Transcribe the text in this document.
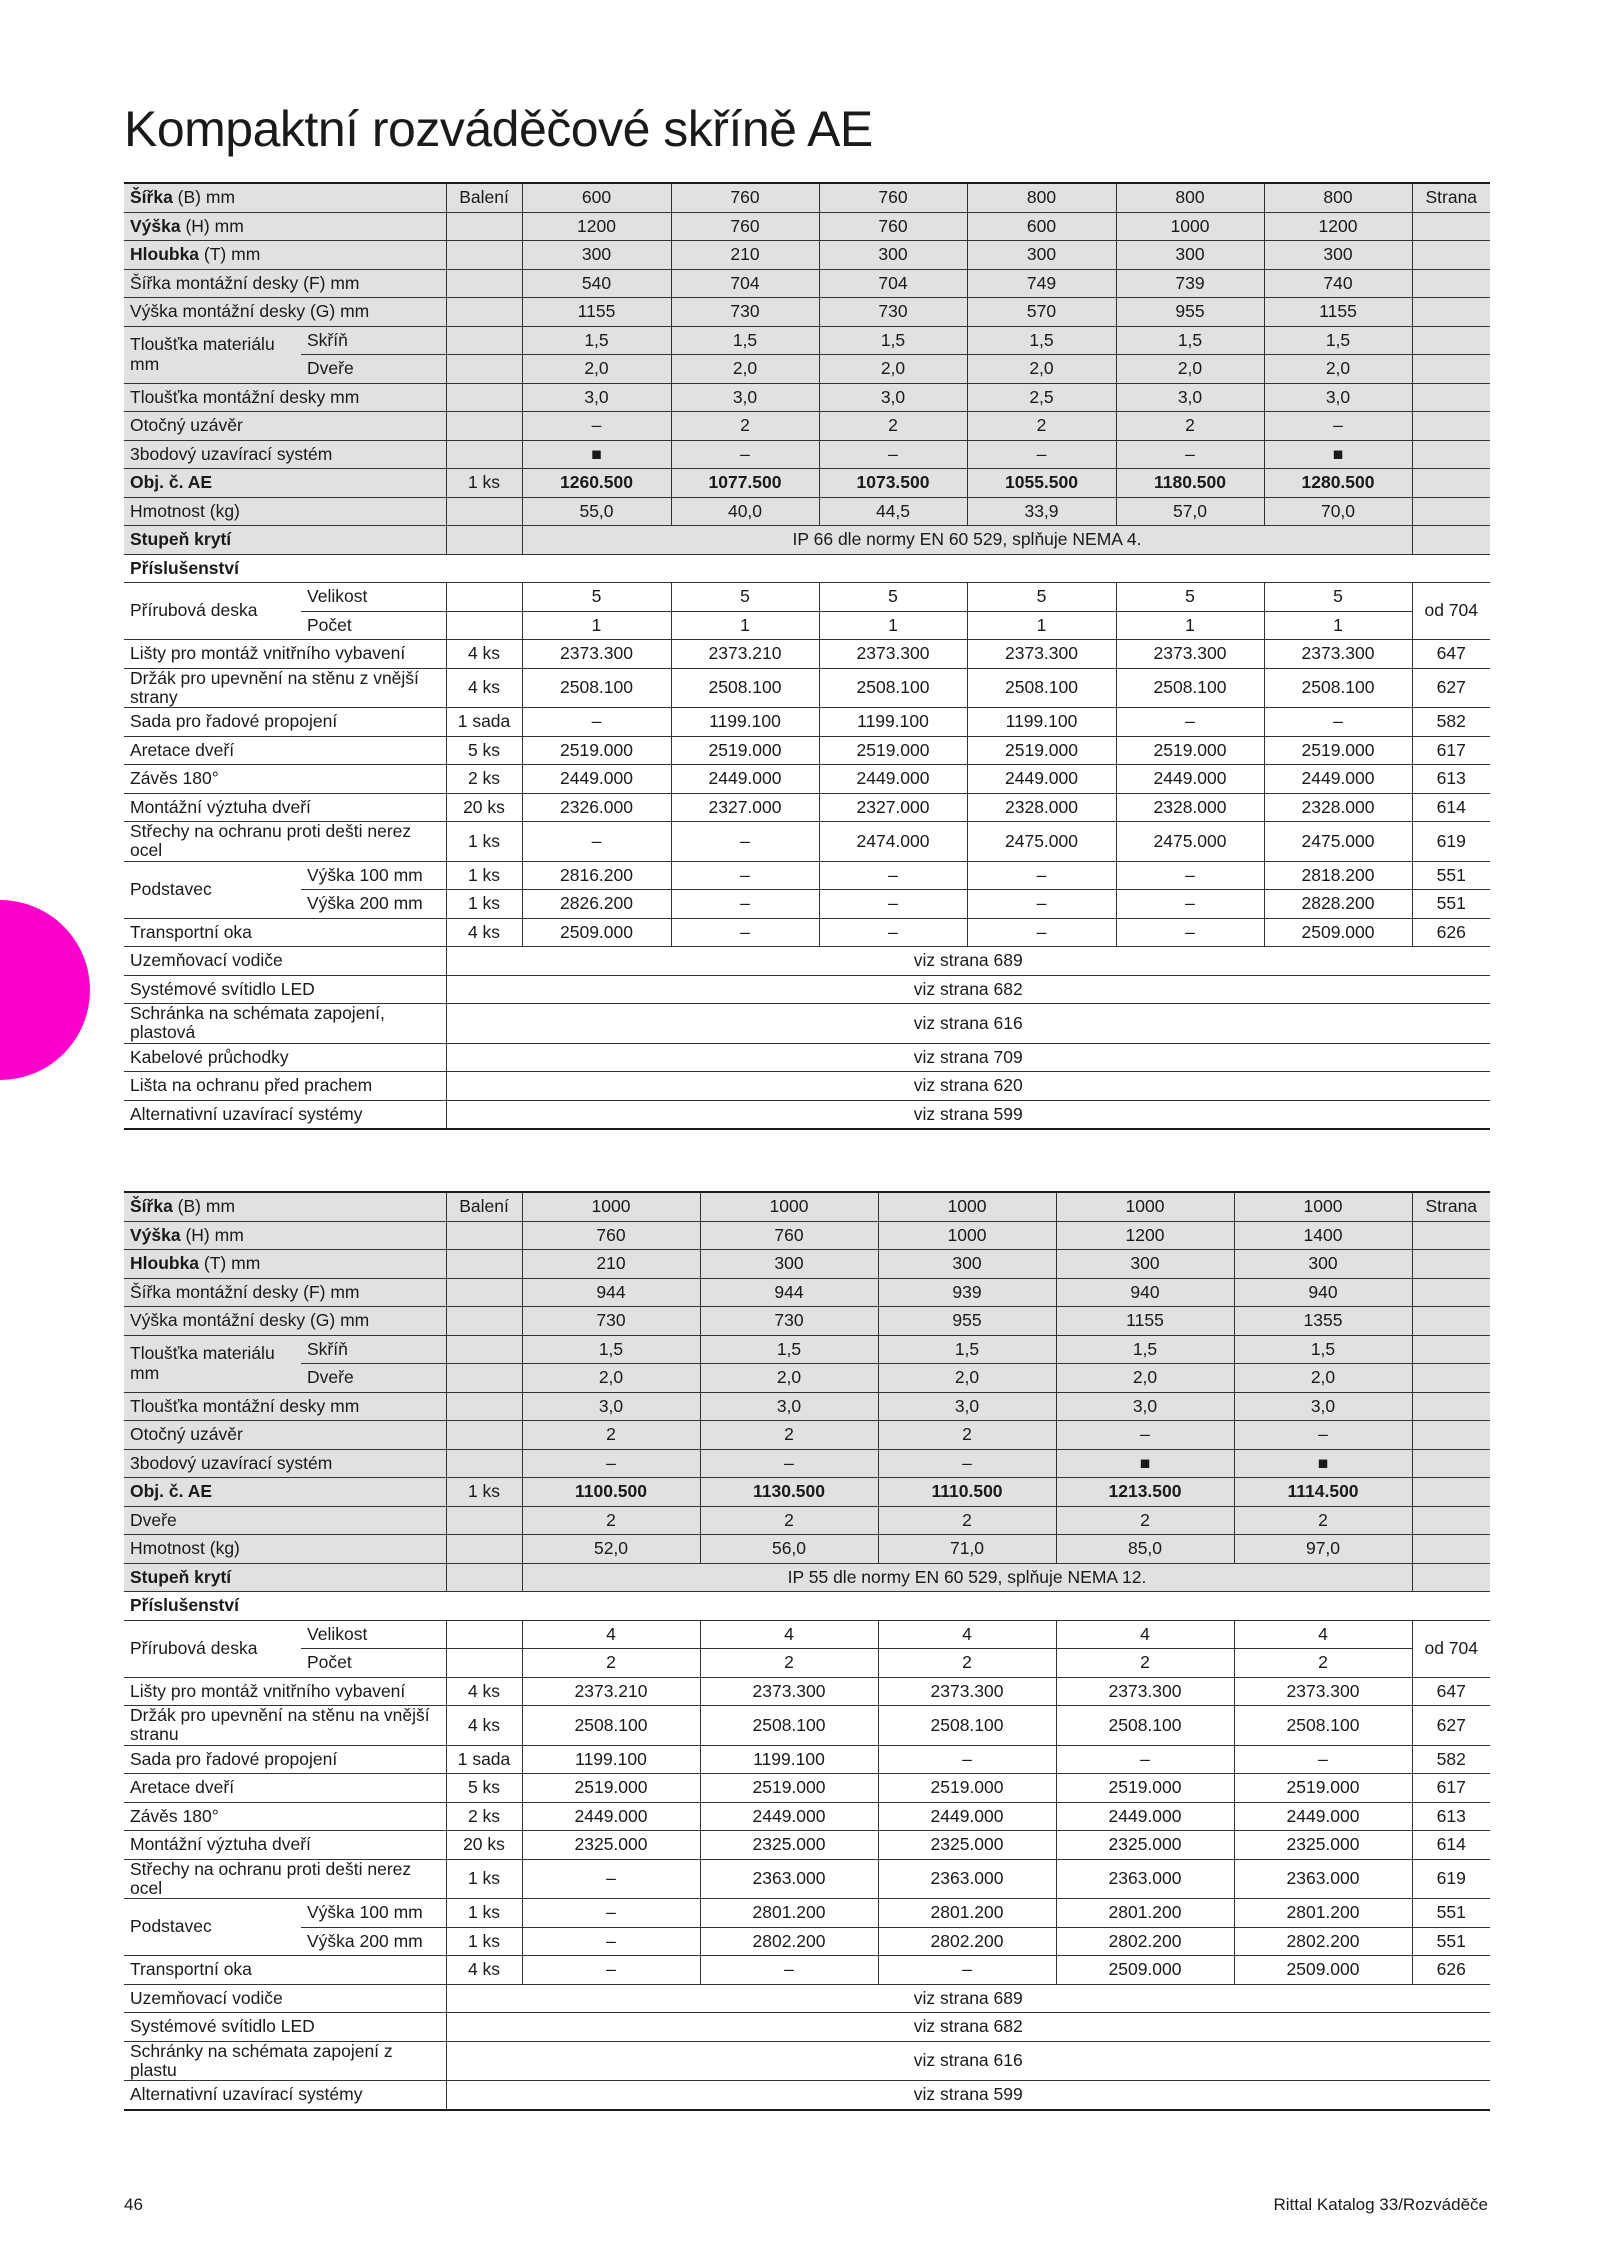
Kompaktní rozváděčové skříně AE
Šířka (B) mm		Balení	600	760	760	800	800	800	Strana
Výška (H) mm			1200	760	760	600	1000	1200	
Hloubka (T) mm			300	210	300	300	300	300	
Šířka montážní desky (F) mm			540	704	704	749	739	740	
Výška montážní desky (G) mm			1155	730	730	570	955	1155	
Tloušťka materiálu mm	Skříň		1,5	1,5	1,5	1,5	1,5	1,5	
	Dveře		2,0	2,0	2,0	2,0	2,0	2,0	
Tloušťka montážní desky mm			3,0	3,0	3,0	2,5	3,0	3,0	
Otočný uzávěr			–	2	2	2	2	–	
3bodový uzavírací systém			■	–	–	–	–	■	
Obj. č. AE		1 ks	1260.500	1077.500	1073.500	1055.500	1180.500	1280.500	
Hmotnost (kg)			55,0	40,0	44,5	33,9	57,0	70,0	
Stupeň krytí			IP 66 dle normy EN 60 529, splňuje NEMA 4.						
Příslušenství									
Přírubová deska	Velikost		5	5	5	5	5	5	od 704
	Počet		1	1	1	1	1	1	
Lišty pro montáž vnitřního vybavení		4 ks	2373.300	2373.210	2373.300	2373.300	2373.300	2373.300	647
Držák pro upevnění na stěnu z vnější strany		4 ks	2508.100	2508.100	2508.100	2508.100	2508.100	2508.100	627
Sada pro řadové propojení		1 sada	–	1199.100	1199.100	1199.100	–	–	582
Aretace dveří		5 ks	2519.000	2519.000	2519.000	2519.000	2519.000	2519.000	617
Závěs 180°		2 ks	2449.000	2449.000	2449.000	2449.000	2449.000	2449.000	613
Montážní výztuha dveří		20 ks	2326.000	2327.000	2327.000	2328.000	2328.000	2328.000	614
Střechy na ochranu proti dešti nerez ocel		1 ks	–	–	2474.000	2475.000	2475.000	2475.000	619
Podstavec	Výška 100 mm	1 ks	2816.200	–	–	–	–	2818.200	551
	Výška 200 mm	1 ks	2826.200	–	–	–	–	2828.200	551
Transportní oka		4 ks	2509.000	–	–	–	–	2509.000	626
Uzemňovací vodiče		viz strana 689							
Systémové svítidlo LED		viz strana 682							
Schránka na schémata zapojení, plastová		viz strana 616							
Kabelové průchodky		viz strana 709							
Lišta na ochranu před prachem		viz strana 620							
Alternativní uzavírací systémy		viz strana 599							
Šířka (B) mm		Balení	1000	1000	1000	1000	1000	Strana
Výška (H) mm			760	760	1000	1200	1400	
Hloubka (T) mm			210	300	300	300	300	
Šířka montážní desky (F) mm			944	944	939	940	940	
Výška montážní desky (G) mm			730	730	955	1155	1355	
Tloušťka materiálu mm	Skříň		1,5	1,5	1,5	1,5	1,5	
	Dveře		2,0	2,0	2,0	2,0	2,0	
Tloušťka montážní desky mm			3,0	3,0	3,0	3,0	3,0	
Otočný uzávěr			2	2	2	–	–	
3bodový uzavírací systém			–	–	–	■	■	
Obj. č. AE		1 ks	1100.500	1130.500	1110.500	1213.500	1114.500	
Dveře			2	2	2	2	2	
Hmotnost (kg)			52,0	56,0	71,0	85,0	97,0	
Stupeň krytí			IP 55 dle normy EN 60 529, splňuje NEMA 12.					
Příslušenství								
Přírubová deska	Velikost		4	4	4	4	4	od 704
	Počet		2	2	2	2	2	
Lišty pro montáž vnitřního vybavení		4 ks	2373.210	2373.300	2373.300	2373.300	2373.300	647
Držák pro upevnění na stěnu na vnější stranu		4 ks	2508.100	2508.100	2508.100	2508.100	2508.100	627
Sada pro řadové propojení		1 sada	1199.100	1199.100	–	–	–	582
Aretace dveří		5 ks	2519.000	2519.000	2519.000	2519.000	2519.000	617
Závěs 180°		2 ks	2449.000	2449.000	2449.000	2449.000	2449.000	613
Montážní výztuha dveří		20 ks	2325.000	2325.000	2325.000	2325.000	2325.000	614
Střechy na ochranu proti dešti nerez ocel		1 ks	–	2363.000	2363.000	2363.000	2363.000	619
Podstavec	Výška 100 mm	1 ks	–	2801.200	2801.200	2801.200	2801.200	551
	Výška 200 mm	1 ks	–	2802.200	2802.200	2802.200	2802.200	551
Transportní oka		4 ks	–	–	–	2509.000	2509.000	626
Uzemňovací vodiče		viz strana 689						
Systémové svítidlo LED		viz strana 682						
Schránky na schémata zapojení z plastu		viz strana 616						
Alternativní uzavírací systémy		viz strana 599						
46	Rittal Katalog 33/Rozváděče
